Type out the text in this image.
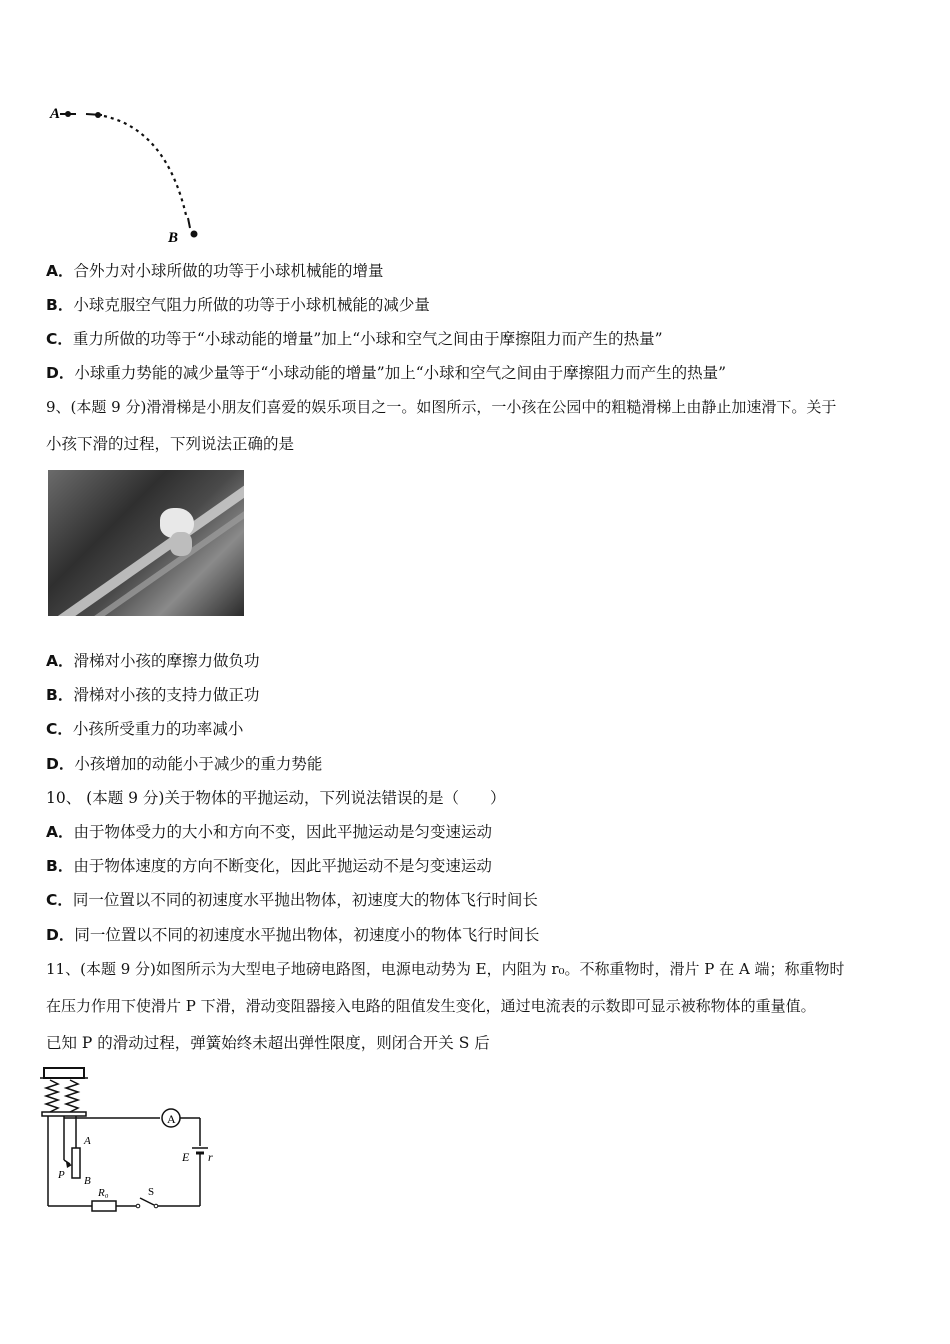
A
B
A．合外力对小球所做的功等于小球机械能的增量
B．小球克服空气阻力所做的功等于小球机械能的减少量
C．重力所做的功等于“小球动能的增量”加上“小球和空气之间由于摩擦阻力而产生的热量”
D．小球重力势能的减少量等于“小球动能的增量”加上“小球和空气之间由于摩擦阻力而产生的热量”
9、(本题 9 分)滑滑梯是小朋友们喜爱的娱乐项目之一。如图所示，一小孩在公园中的粗糙滑梯上由静止加速滑下。关于
小孩下滑的过程，下列说法正确的是
A．滑梯对小孩的摩擦力做负功
B．滑梯对小孩的支持力做正功
C．小孩所受重力的功率减小
D．小孩增加的动能小于减少的重力势能
10、 (本题 9 分)关于物体的平抛运动，下列说法错误的是（　　）
A．由于物体受力的大小和方向不变，因此平抛运动是匀变速运动
B．由于物体速度的方向不断变化，因此平抛运动不是匀变速运动
C．同一位置以不同的初速度水平抛出物体，初速度大的物体飞行时间长
D．同一位置以不同的初速度水平抛出物体，初速度小的物体飞行时间长
11、(本题 9 分)如图所示为大型电子地磅电路图，电源电动势为 E，内阻为 r₀。不称重物时，滑片 P 在 A 端；称重物时
在压力作用下使滑片 P 下滑，滑动变阻器接入电路的阻值发生变化，通过电流表的示数即可显示被称物体的重量值。
已知 P 的滑动过程，弹簧始终未超出弹性限度，则闭合开关 S 后
A
E r
S
R₀
A
B
P
